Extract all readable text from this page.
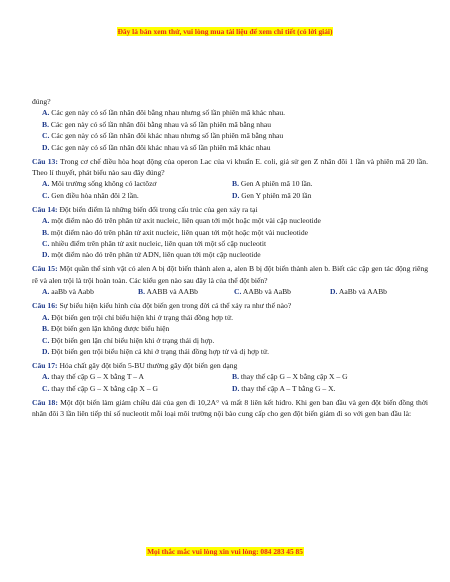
Đây là bản xem thử, vui lòng mua tài liệu để xem chi tiết (có lời giải)
đúng?
A. Các gen này có số lần nhân đôi bằng nhau nhưng số lần phiên mã khác nhau.
B. Các gen này có số lần nhân đôi bằng nhau và số lần phiên mã bằng nhau
C. Các gen này có số lần nhân đôi khác nhau nhưng số lần phiên mã bằng nhau
D. Các gen này có số lần nhân đôi khác nhau và số lần phiên mã khác nhau
Câu 13: Trong cơ chế điều hòa hoạt động của operon Lac của vi khuẩn E. coli, giả sử gen Z nhân đôi 1 lần và phiên mã 20 lần. Theo lí thuyết, phát biểu nào sau đây đúng?
A. Môi trường sống không có lactôzơ	B. Gen A phiên mã 10 lần.
C. Gen điều hòa nhân đôi 2 lần.	D. Gen Y phiên mã 20 lần
Câu 14: Đột biến điểm là những biến đổi trong cấu trúc của gen xảy ra tại
A. một điểm nào đó trên phân tử axit nucleic, liên quan tới một hoặc một vài cặp nucleotide
B. một điểm nào đó trên phân tử axit nucleic, liên quan tới một hoặc một vài nucleotide
C. nhiều điểm trên phân tử axit nucleic, liên quan tới một số cặp nucleotit
D. một điểm nào đó trên phân tử ADN, liên quan tới một cặp nucleotide
Câu 15: Một quần thể sinh vật có alen A bị đột biến thành alen a, alen B bị đột biến thành alen b. Biết các cặp gen tác động riêng rẽ và alen trội là trội hoàn toàn. Các kiểu gen nào sau đây là của thể đột biến?
A. aaBb và Aabb	B. AABB và AABb	C. AABb và AaBb	D. AaBb và AABb
Câu 16: Sự biểu hiện kiểu hình của đột biến gen trong đời cá thể xảy ra như thế nào?
A. Đột biến gen trội chỉ biểu hiện khi ở trạng thái đồng hợp tử.
B. Đột biến gen lặn không được biểu hiện
C. Đột biến gen lặn chỉ biểu hiện khi ở trạng thái dị hợp.
D. Đột biến gen trội biểu hiện cả khi ở trạng thái đồng hợp tử và dị hợp tử.
Câu 17: Hóa chất gây đột biến 5-BU thường gây đột biến gen dạng
A. thay thế cặp G – X bằng T – A	B. thay thế cặp G – X bằng cặp X – G
C. thay thế cặp G – X bằng cặp X – G	D. thay thế cặp A – T bằng G – X.
Câu 18: Một đột biến làm giảm chiều dài của gen đi 10,2A° và mất 8 liên kết hiđro. Khi gen ban đầu và gen đột biến đồng thời nhân đôi 3 lần liên tiếp thì số nucleotit mỗi loại môi trường nội bào cung cấp cho gen đột biến giảm đi so với gen ban đầu là:
Mọi thắc mắc vui lòng xin vui lòng: 084 283 45 85
